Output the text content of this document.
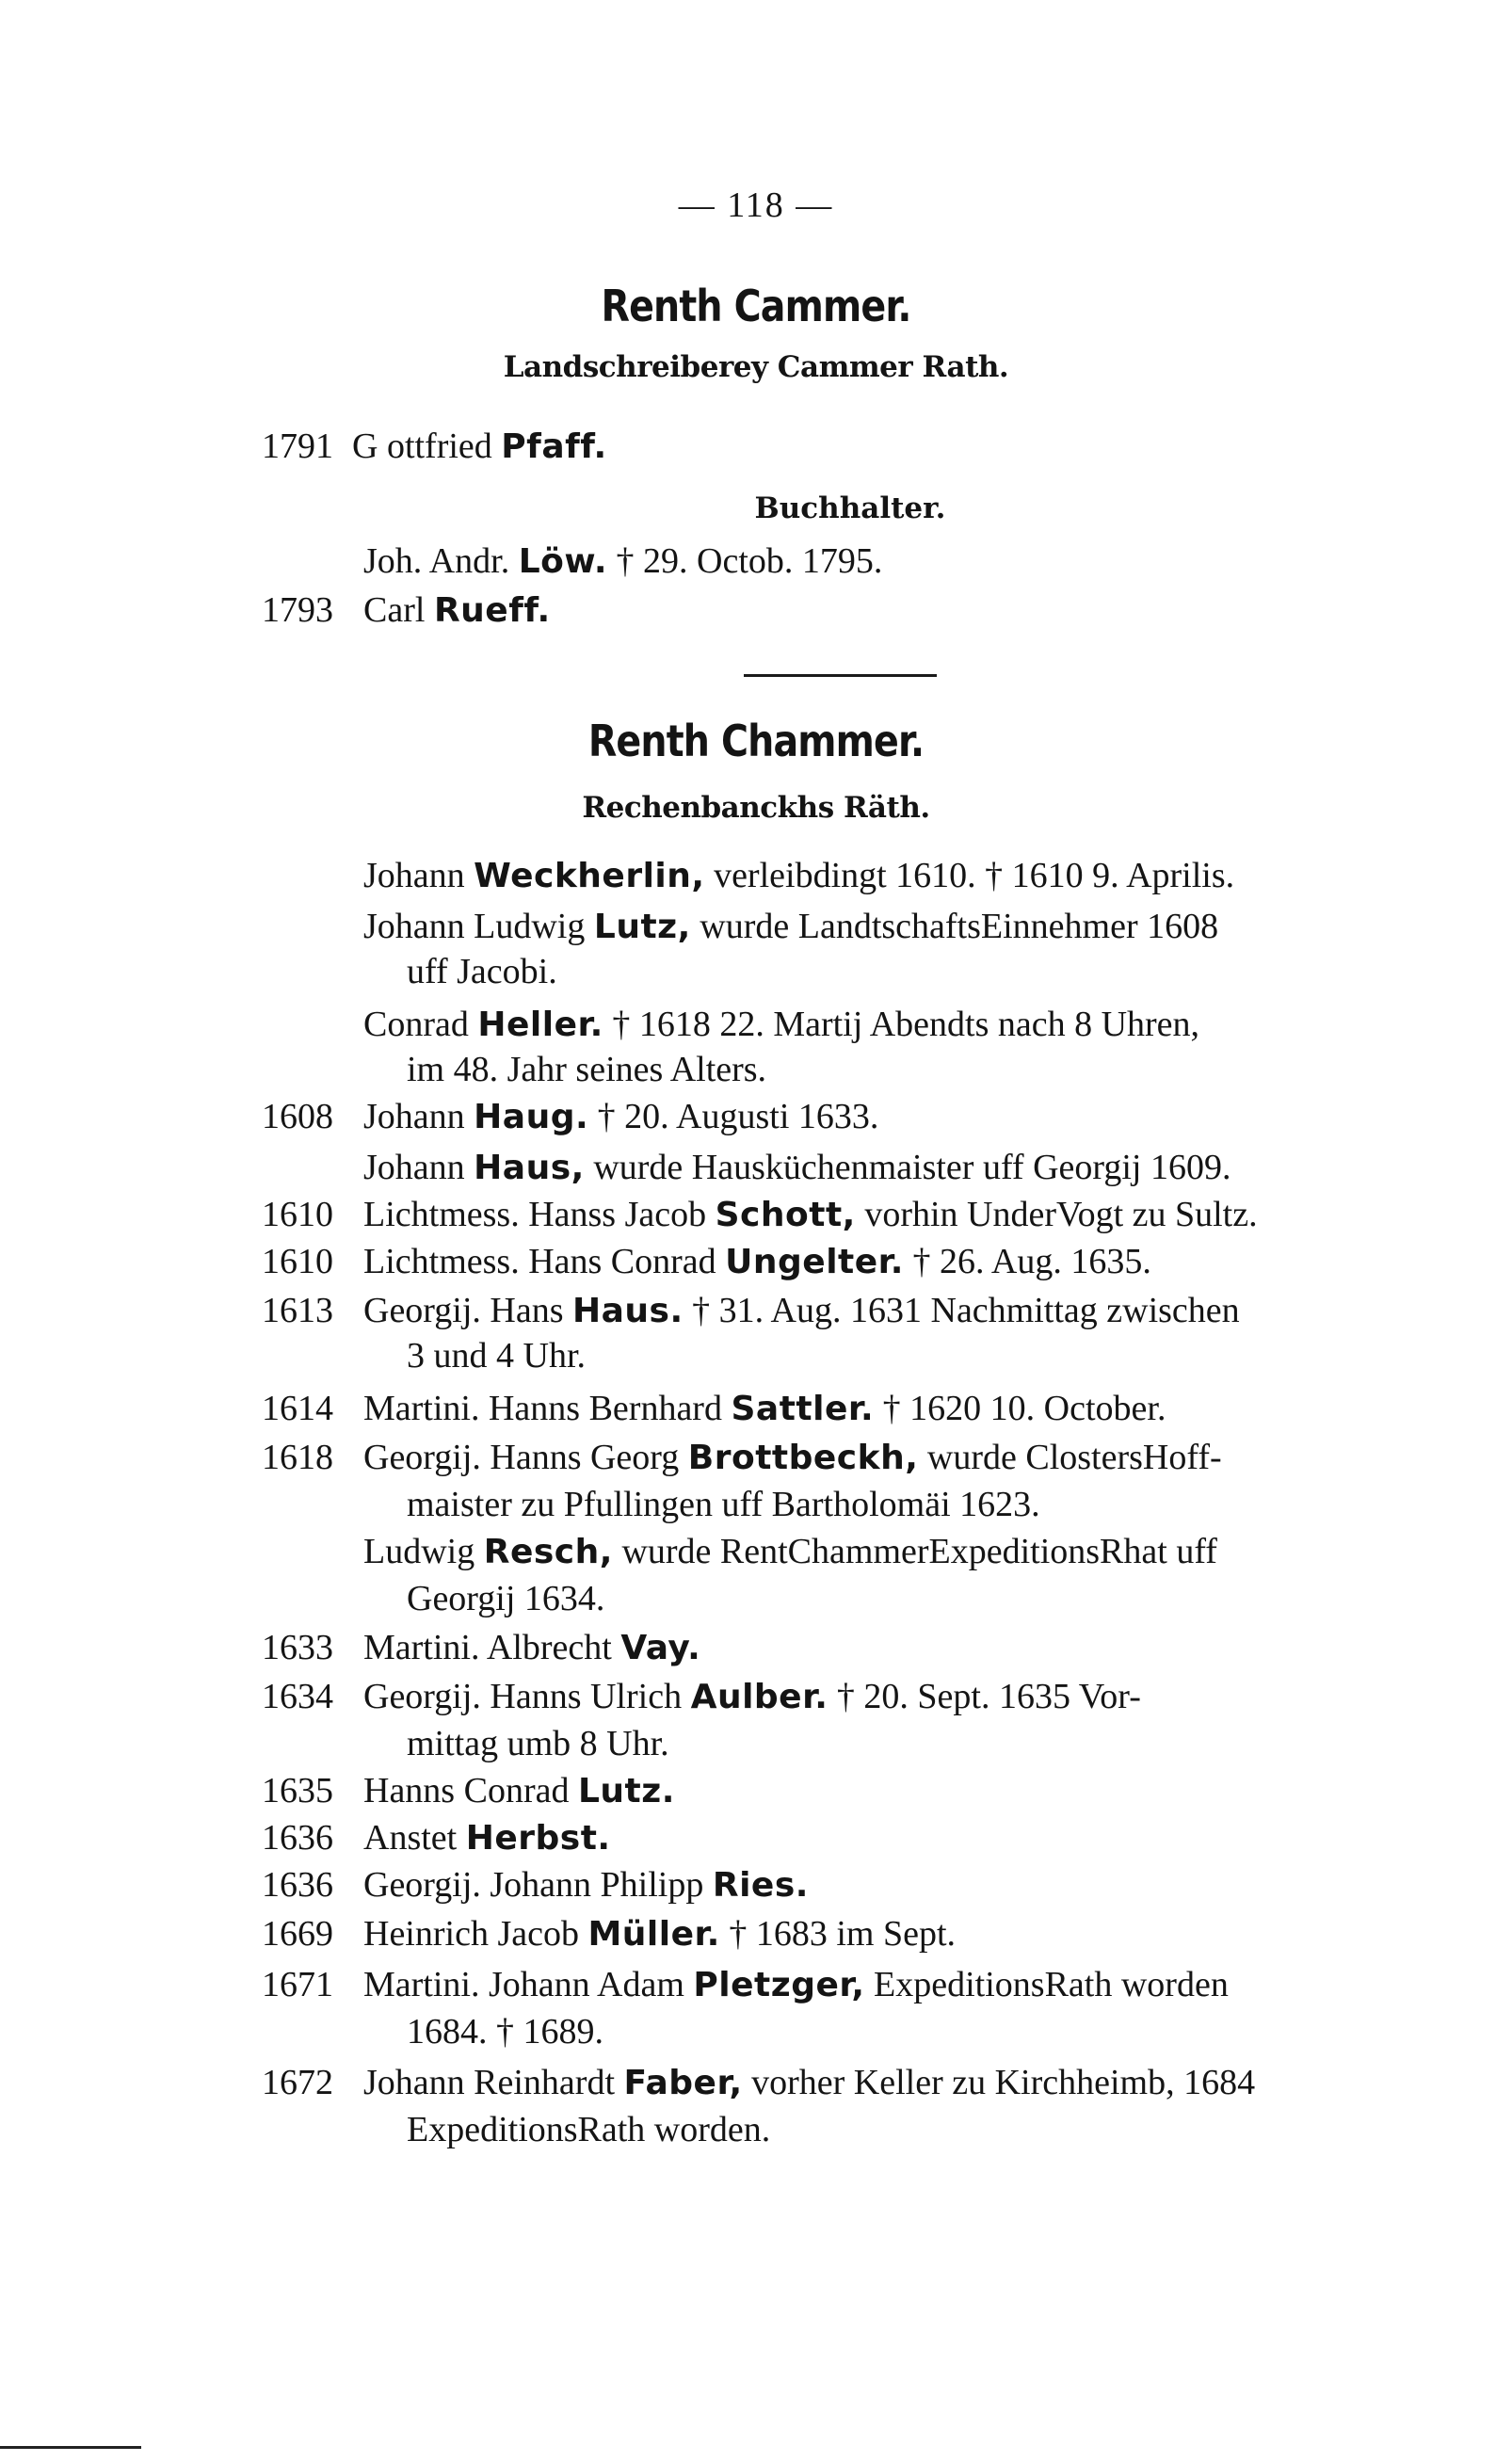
— 118 —
Renth Cammer.
Landschreiberey Cammer Rath.
1791 G ottfried Pfaff.
Buchhalter.
Joh. Andr. Löw. † 29. Octob. 1795.
1793 Carl Rueff.
Renth Chammer.
Rechenbanckhs Räth.
Johann Weckherlin, verleibdingt 1610. † 1610 9. Aprilis.
Johann Ludwig Lutz, wurde LandtschaftsEinnehmer 1608
uff Jacobi.
Conrad Heller. † 1618 22. Martij Abendts nach 8 Uhren,
im 48. Jahr seines Alters.
1608 Johann Haug. † 20. Augusti 1633.
Johann Haus, wurde Hausküchenmaister uff Georgij 1609.
1610 Lichtmess. Hanss Jacob Schott, vorhin UnderVogt zu Sultz.
1610 Lichtmess. Hans Conrad Ungelter. † 26. Aug. 1635.
1613 Georgij. Hans Haus. † 31. Aug. 1631 Nachmittag zwischen
3 und 4 Uhr.
1614 Martini. Hanns Bernhard Sattler. † 1620 10. October.
1618 Georgij. Hanns Georg Brottbeckh, wurde ClostersHoff-
maister zu Pfullingen uff Bartholomäi 1623.
Ludwig Resch, wurde RentChammerExpeditionsRhat uff
Georgij 1634.
1633 Martini. Albrecht Vay.
1634 Georgij. Hanns Ulrich Aulber. † 20. Sept. 1635 Vor-
mittag umb 8 Uhr.
1635 Hanns Conrad Lutz.
1636 Anstet Herbst.
1636 Georgij. Johann Philipp Ries.
1669 Heinrich Jacob Müller. † 1683 im Sept.
1671 Martini. Johann Adam Pletzger, ExpeditionsRath worden
1684. † 1689.
1672 Johann Reinhardt Faber, vorher Keller zu Kirchheimb, 1684
ExpeditionsRath worden.
